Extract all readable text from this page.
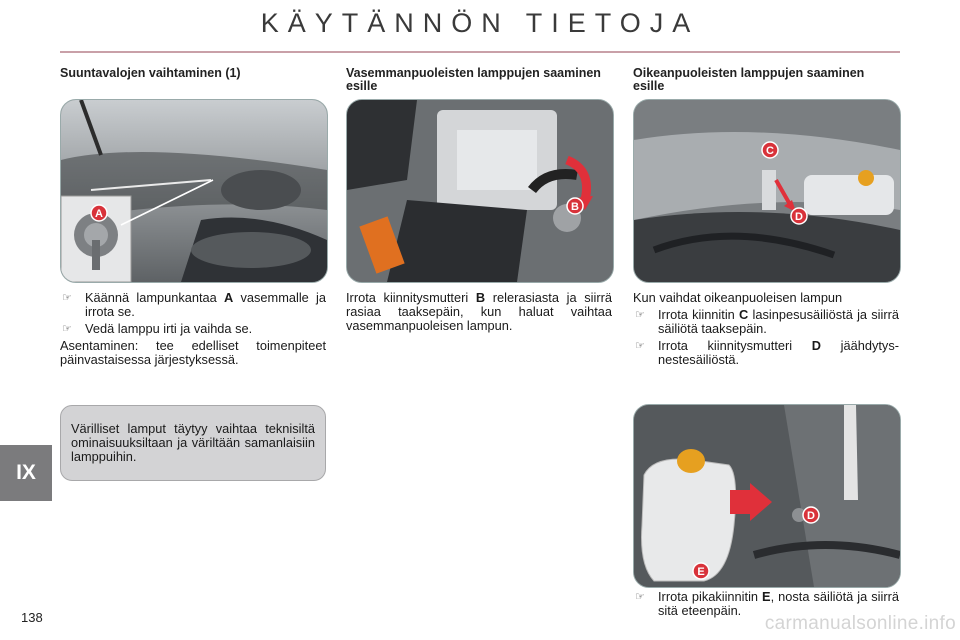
KÄYTÄNNÖN TIETOJA
Suuntavalojen vaihtaminen (1)
A
☞ Käännä lampunkantaa A vasemmalle ja irrota se.
☞ Vedä lamppu irti ja vaihda se.
Asentaminen: tee edelliset toimenpiteet päinvastaisessa järjestyksessä.
Värilliset lamput täytyy vaihtaa teknisiltä ominaisuuksiltaan ja väriltään samanlaisiin lamppuihin.
Vasemmanpuoleisten lamppujen saaminen esille
B
Irrota kiinnitysmutteri B relerasiasta ja siirrä rasiaa taaksepäin, kun haluat vaihtaa vasemmanpuoleisen lampun.
Oikeanpuoleisten lamppujen saaminen esille
C
D
Kun vaihdat oikeanpuoleisen lampun
☞ Irrota kiinnitin C lasinpesusäiliöstä ja siirrä säiliötä taaksepäin.
☞ Irrota kiinnitysmutteri D jäähdytysnestesäiliöstä.
D
E
☞ Irrota pikakiinnitin E, nosta säiliötä ja siirrä sitä eteenpäin.
IX
138	carmanualsonline.info
